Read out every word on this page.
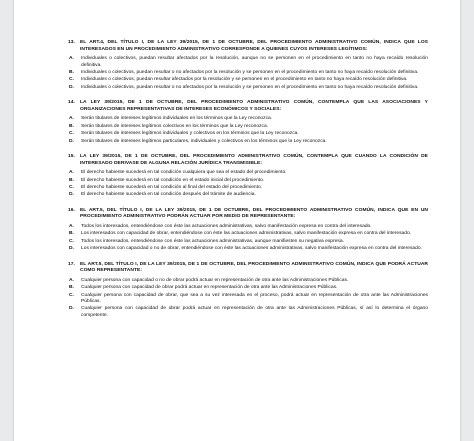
13.	EL ART.4, DEL TÍTULO I, DE LA LEY 39/2015, DE 1 DE OCTUBRE, DEL PROCEDIMIENTO ADMINISTRATIVO COMÚN, INDICA QUE LOS INTERESADOS EN UN PROCEDIMIENTO ADMINISTRATIVO CORRESPONDE A QUIENES CUYOS INTERESES LEGÍTIMOS:
A.	Individuales o colectivos, puedan resultar afectados por la resolución, aunque no se personen en el procedimiento en tanto no haya recaído resolución definitiva.
B.	Individuales o colectivos, puedan resultar o no afectados por la resolución y se personen en el procedimiento en tanto no haya recaído resolución definitiva.
C.	Individuales o colectivos, puedan resultar afectados por la resolución y se personen en el procedimiento en tanto no haya recaído resolución definitiva.
D.	Individuales o colectivos, puedan resultar o no afectados por la resolución y se personen en el procedimiento en tanto no haya recaído resolución definitiva.
14.	LA LEY 39/2015, DE 1 DE OCTUBRE, DEL PROCEDIMIENTO ADMINISTRATIVO COMÚN, CONTEMPLA QUE LAS ASOCIACIONES Y ORGANIZACIONES REPRESENTATIVAS DE INTERESES ECONÓMICOS Y SOCIALES:
A.	Serán titulares de intereses legítimos individuales en los términos que la Ley reconozca.
B.	Serán titulares de intereses legítimos colectivos en los términos que la Ley reconozca.
C.	Serán titulares de intereses legítimos individuales y colectivos en los términos que la Ley reconozca.
D.	Serán titulares de intereses legítimos particulares, individuales y colectivos en los términos que la Ley reconozca.
15.	LA LEY 39/2015, DE 1 DE OCTUBRE, DEL PROCEDIMIENTO ADMINISTRATIVO COMÚN, CONTEMPLA QUE CUANDO LA CONDICIÓN DE INTERESADO DERIVASE DE ALGUNA RELACIÓN JURÍDICA TRANSMISIBLE:
A.	El derecho habiente sucederá en tal condición cualquiera que sea el estado del procedimiento.
B.	El derecho habiente sucederá en tal condición en el estado inicial del procedimiento.
C.	El derecho habiente sucederá en tal condición al final del estado del procedimiento.
D.	El derecho habiente sucederá en tal condición después del trámite de audiencia.
16.	EL ART.5, DEL TÍTULO I, DE LA LEY 39/2015, DE 1 DE OCTUBRE, DEL PROCEDIMIENTO ADMINISTRATIVO COMÚN, INDICA QUE EN UN PROCEDIMIENTO ADMINISTRATIVO PODRÁN ACTUAR POR MEDIO DE REPRESENTANTE:
A.	Todos los interesados, entendiéndose con éste las actuaciones administrativas, salvo manifestación expresa en contra del interesado.
B.	Los interesados con capacidad de obrar, entendiéndose con éste las actuaciones administrativas, salvo manifestación expresa en contra del interesado.
C.	Todos los interesados, entendiéndose con éste las actuaciones administrativas, aunque manifiesten su negativa expresa.
D.	Los interesados con capacidad o no de obrar, entendiéndose con éste las actuaciones administrativas, salvo manifestación expresa en contra del interesado.
17.	EL ART.5, DEL TÍTULO I, DE LA LEY 39/2015, DE 1 DE OCTUBRE, DEL PROCEDIMIENTO ADMINISTRATIVO COMÚN, INDICA QUE PODRÁ ACTUAR COMO REPRESENTANTE:
A.	Cualquier persona con capacidad o no de obrar podrá actuar en representación de otra ante las Administraciones Públicas.
B.	Cualquier persona con capacidad de obrar podrá actuar en representación de otra ante las Administraciones Públicas.
C.	Cualquier persona con capacidad de obrar, que sea a su vez interesada en el proceso, podrá actuar en representación de otra ante las Administraciones Públicas.
D.	Cualquier persona con capacidad de obrar podrá actuar en representación de otra ante las Administraciones Públicas, sí así lo determina el órgano competente.
